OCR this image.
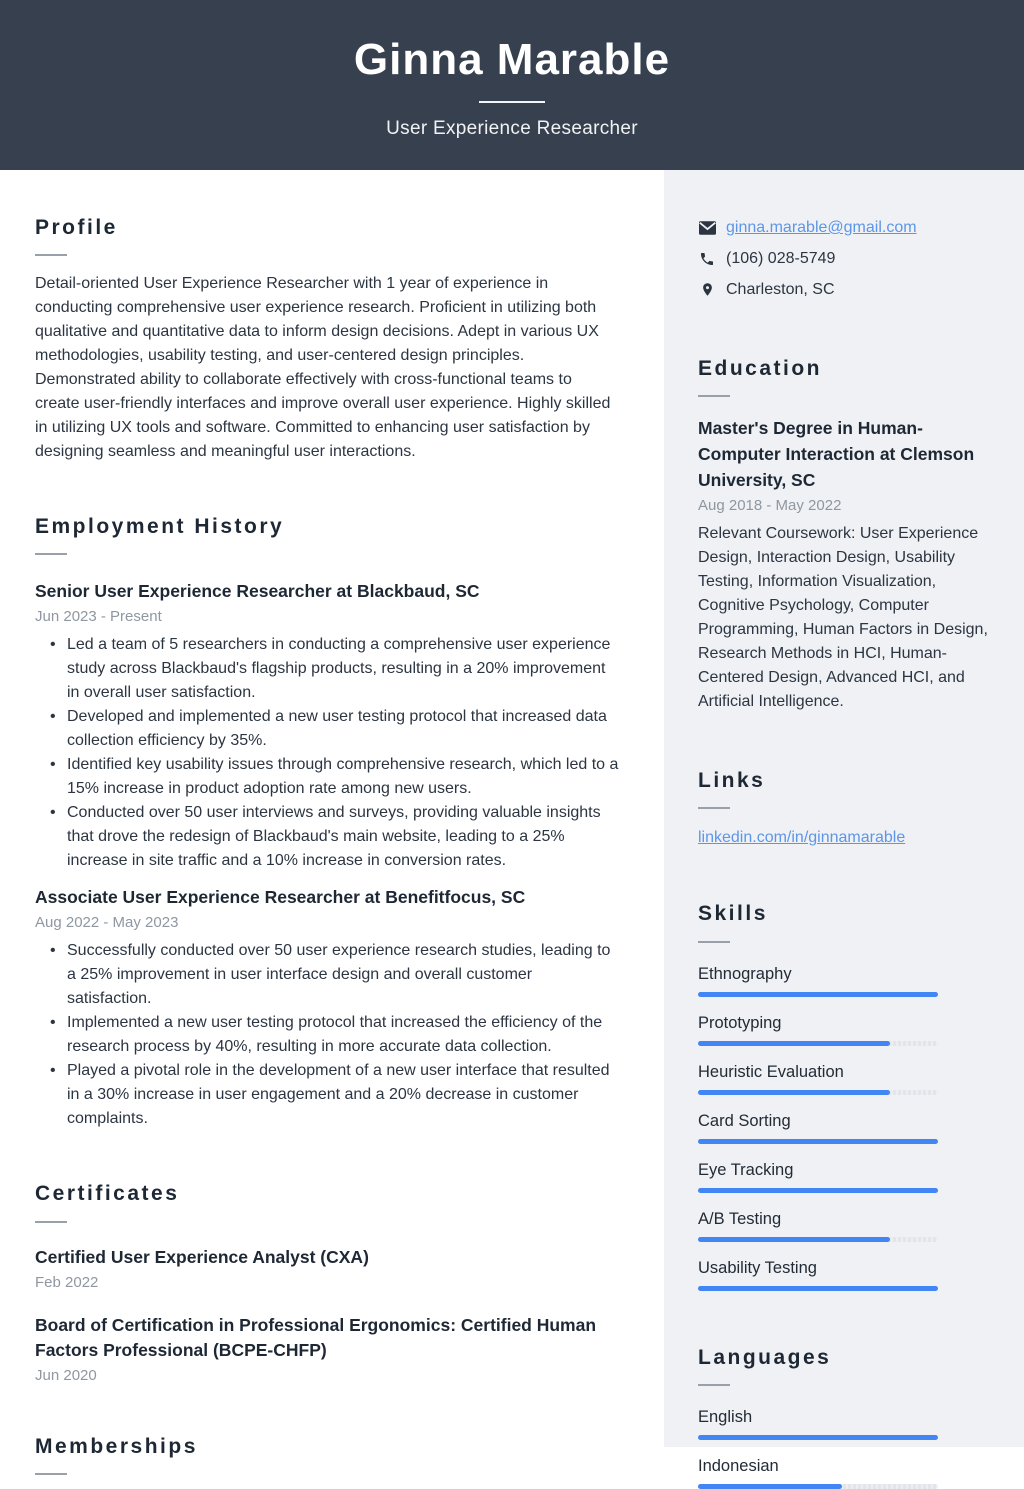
Ginna Marable
User Experience Researcher
Profile

Detail-oriented User Experience Researcher with 1 year of experience in conducting comprehensive user experience research. Proficient in utilizing both qualitative and quantitative data to inform design decisions. Adept in various UX methodologies, usability testing, and user-centered design principles. Demonstrated ability to collaborate effectively with cross-functional teams to create user-friendly interfaces and improve overall user experience. Highly skilled in utilizing UX tools and software. Committed to enhancing user satisfaction by designing seamless and meaningful user interactions.

Employment History

Senior User Experience Researcher at Blackbaud, SC

Jun 2023 - Present
• Led a team of 5 researchers in conducting a comprehensive user experience study across Blackbaud's flagship products, resulting in a 20% improvement in overall user satisfaction.
• Developed and implemented a new user testing protocol that increased data collection efficiency by 35%.
• Identified key usability issues through comprehensive research, which led to a 15% increase in product adoption rate among new users.
• Conducted over 50 user interviews and surveys, providing valuable insights that drove the redesign of Blackbaud's main website, leading to a 25% increase in site traffic and a 10% increase in conversion rates.

Associate User Experience Researcher at Benefitfocus, SC

Aug 2022 - May 2023
• Successfully conducted over 50 user experience research studies, leading to a 25% improvement in user interface design and overall customer satisfaction.
• Implemented a new user testing protocol that increased the efficiency of the research process by 40%, resulting in more accurate data collection.
• Played a pivotal role in the development of a new user interface that resulted in a 30% increase in user engagement and a 20% decrease in customer complaints.
Certificates

Certified User Experience Analyst (CXA)

Feb 2022

Board of Certification in Professional Ergonomics: Certified Human Factors Professional (BCPE-CHFP)

Jun 2020
Memberships
ginna.marable@gmail.com
(106) 028-5749
Charleston, SC
Education

Master's Degree in Human-Computer Interaction at Clemson University, SC

Aug 2018 - May 2022

Relevant Coursework: User Experience Design, Interaction Design, Usability Testing, Information Visualization, Cognitive Psychology, Computer Programming, Human Factors in Design, Research Methods in HCI, Human-Centered Design, Advanced HCI, and Artificial Intelligence.

Links
linkedin.com/in/ginnamarable
Skills
Ethnography
Prototyping
Heuristic Evaluation
Card Sorting
Eye Tracking
A/B Testing
Usability Testing
Languages
English
Indonesian
